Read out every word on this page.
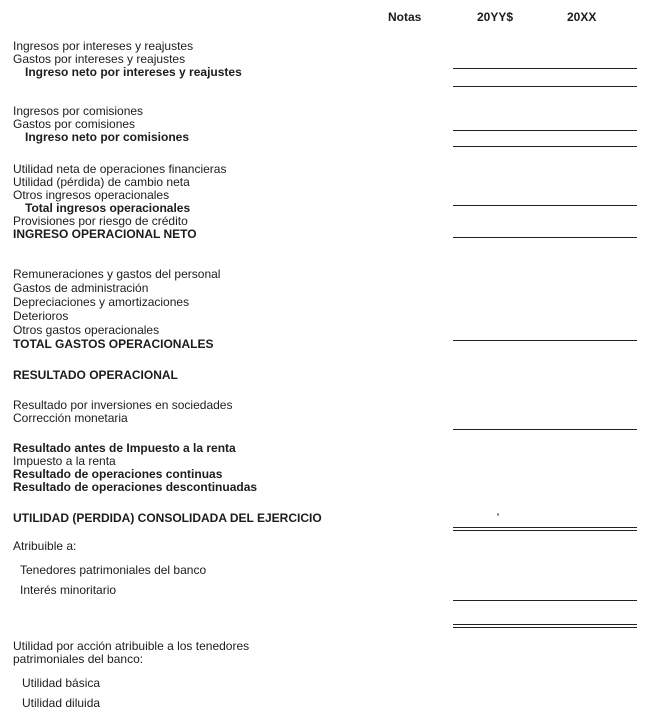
Notas	20YY$	20XX
Ingresos por intereses y reajustes
Gastos por intereses y reajustes
Ingreso neto por intereses y reajustes
Ingresos por comisiones
Gastos por comisiones
Ingreso neto por comisiones
Utilidad neta de operaciones financieras
Utilidad (pérdida) de cambio neta
Otros ingresos operacionales
Total ingresos operacionales
Provisiones por riesgo de crédito
INGRESO OPERACIONAL NETO
Remuneraciones y gastos del personal
Gastos de administración
Depreciaciones y amortizaciones
Deterioros
Otros gastos operacionales
TOTAL GASTOS OPERACIONALES
RESULTADO OPERACIONAL
Resultado por inversiones en sociedades
Corrección monetaria
Resultado antes de Impuesto a la renta
Impuesto a la renta
Resultado de operaciones continuas
Resultado de operaciones descontinuadas
UTILIDAD (PERDIDA) CONSOLIDADA DEL EJERCICIO
Atribuible a:
Tenedores patrimoniales del banco
Interés minoritario
Utilidad por acción atribuible a los tenedores
patrimoniales del banco:
Utilidad básica
Utilidad diluida
